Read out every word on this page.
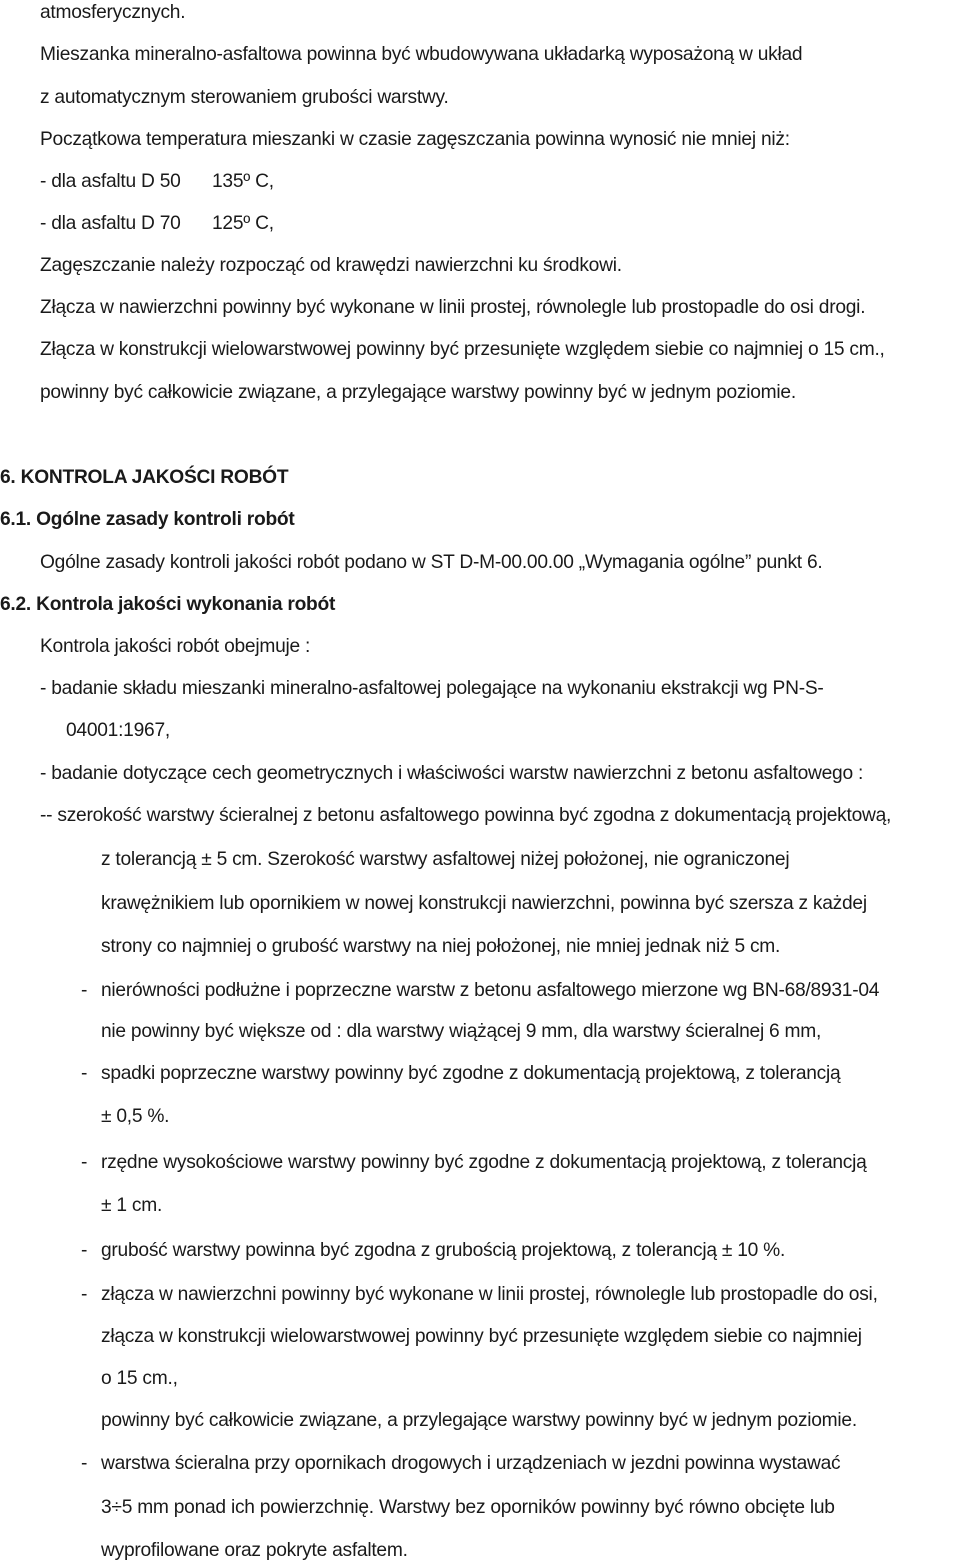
atmosferycznych.
Mieszanka mineralno-asfaltowa powinna być wbudowywana układarką wyposażoną w układ
z automatycznym sterowaniem grubości warstwy.
Początkowa temperatura mieszanki w czasie zagęszczania powinna wynosić nie mniej niż:
- dla asfaltu D 50 135º C,
- dla asfaltu D 70 125º C,
Zagęszczanie należy rozpocząć od krawędzi nawierzchni ku środkowi.
Złącza w nawierzchni powinny być wykonane w linii prostej, równolegle lub prostopadle do osi drogi.
Złącza w konstrukcji wielowarstwowej powinny być przesunięte względem siebie co najmniej o 15 cm.,
powinny być całkowicie związane, a przylegające warstwy powinny być w jednym poziomie.
6. KONTROLA JAKOŚCI ROBÓT
6.1. Ogólne zasady kontroli robót
Ogólne zasady kontroli jakości robót podano w ST D-M-00.00.00 „Wymagania ogólne” punkt 6.
6.2. Kontrola jakości wykonania robót
Kontrola jakości robót obejmuje :
- badanie składu mieszanki mineralno-asfaltowej polegające na wykonaniu ekstrakcji wg PN-S-
04001:1967,
- badanie dotyczące cech geometrycznych i właściwości warstw nawierzchni z betonu asfaltowego :
-- szerokość warstwy ścieralnej z betonu asfaltowego powinna być zgodna z dokumentacją projektową,
z tolerancją ± 5 cm. Szerokość warstwy asfaltowej niżej położonej, nie ograniczonej
krawężnikiem lub opornikiem w nowej konstrukcji nawierzchni, powinna być szersza z każdej
strony co najmniej o grubość warstwy na niej położonej, nie mniej jednak niż 5 cm.
- nierówności podłużne i poprzeczne warstw z betonu asfaltowego mierzone wg BN-68/8931-04
nie powinny być większe od : dla warstwy wiążącej 9 mm, dla warstwy ścieralnej 6 mm,
- spadki poprzeczne warstwy powinny być zgodne z dokumentacją projektową, z tolerancją
± 0,5 %.
- rzędne wysokościowe warstwy powinny być zgodne z dokumentacją projektową, z tolerancją
± 1 cm.
- grubość warstwy powinna być zgodna z grubością projektową, z tolerancją ± 10 %.
- złącza w nawierzchni powinny być wykonane w linii prostej, równolegle lub prostopadle do osi,
złącza w konstrukcji wielowarstwowej powinny być przesunięte względem siebie co najmniej
o 15 cm.,
powinny być całkowicie związane, a przylegające warstwy powinny być w jednym poziomie.
- warstwa ścieralna przy opornikach drogowych i urządzeniach w jezdni powinna wystawać
3÷5 mm ponad ich powierzchnię. Warstwy bez oporników powinny być równo obcięte lub
wyprofilowane oraz pokryte asfaltem.
